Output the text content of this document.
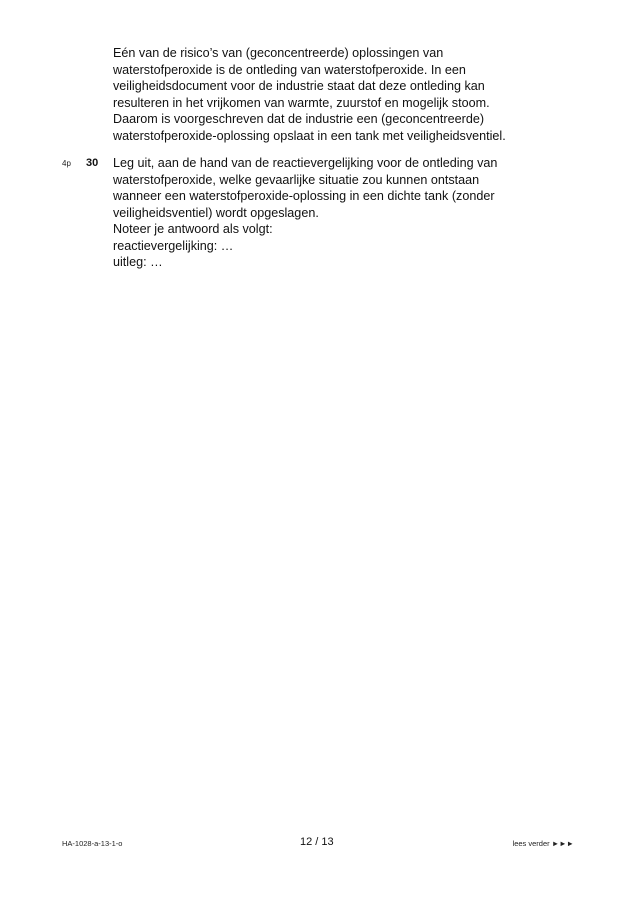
Eén van de risico’s van (geconcentreerde) oplossingen van
waterstofperoxide is de ontleding van waterstofperoxide. In een
veiligheidsdocument voor de industrie staat dat deze ontleding kan
resulteren in het vrijkomen van warmte, zuurstof en mogelijk stoom.
Daarom is voorgeschreven dat de industrie een (geconcentreerde)
waterstofperoxide-oplossing opslaat in een tank met veiligheidsventiel.
4p 30 Leg uit, aan de hand van de reactievergelijking voor de ontleding van
waterstofperoxide, welke gevaarlijke situatie zou kunnen ontstaan
wanneer een waterstofperoxide-oplossing in een dichte tank (zonder
veiligheidsventiel) wordt opgeslagen.
Noteer je antwoord als volgt:
reactievergelijking: …
uitleg: …
HA-1028-a-13-1-o	12 / 13	lees verder ►►►
